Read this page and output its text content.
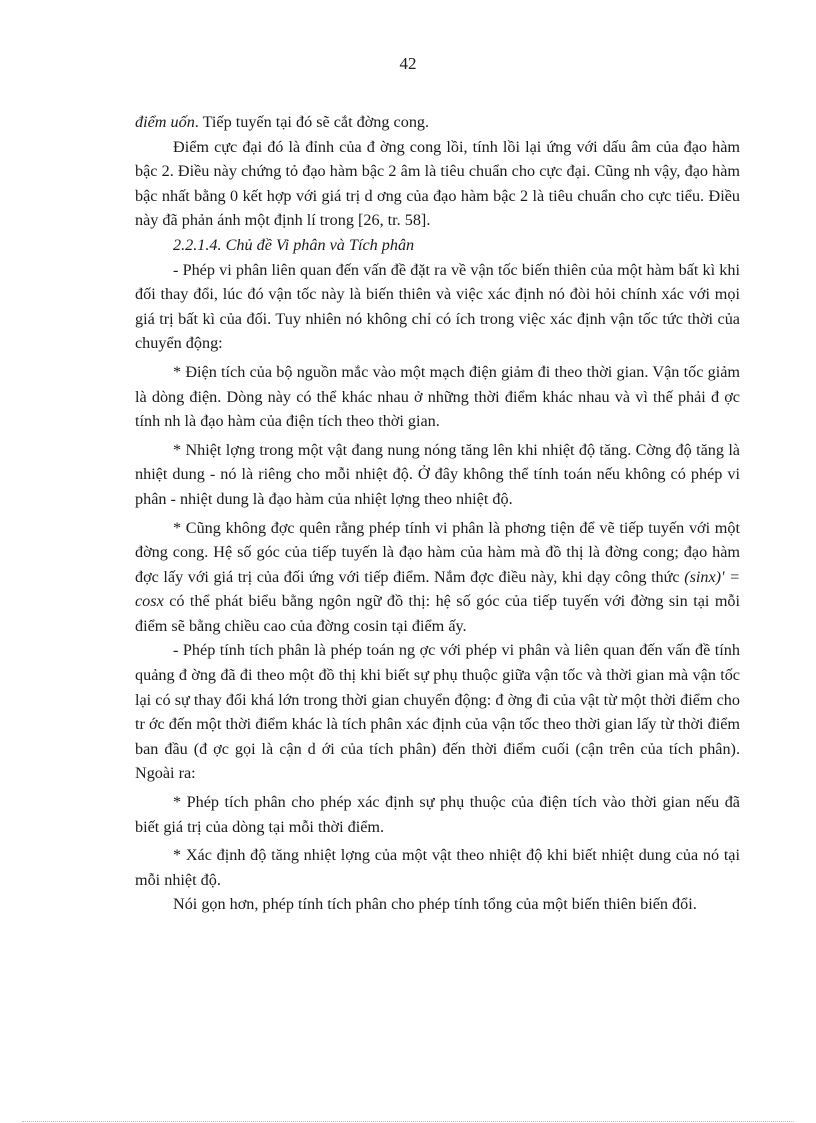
42

điểm uốn. Tiếp tuyến tại đó sẽ cắt đờng cong.

Điểm cực đại đó là đỉnh của đ ờng cong lồi, tính lồi lại ứng với dấu âm của đạo hàm bậc 2. Điều này chứng tỏ đạo hàm bậc 2 âm là tiêu chuẩn cho cực đại. Cũng nh vậy, đạo hàm bậc nhất bằng 0 kết hợp với giá trị d ơng của đạo hàm bậc 2 là tiêu chuẩn cho cực tiểu. Điều này đã phản ánh một định lí trong [26, tr. 58].

2.2.1.4. Chủ đề Vi phân và Tích phân

- Phép vi phân liên quan đến vấn đề đặt ra về vận tốc biến thiên của một hàm bất kì khi đối thay đổi, lúc đó vận tốc này là biến thiên và việc xác định nó đòi hỏi chính xác với mọi giá trị bất kì của đối. Tuy nhiên nó không chỉ có ích trong việc xác định vận tốc tức thời của chuyển động:

* Điện tích của bộ nguồn mắc vào một mạch điện giảm đi theo thời gian. Vận tốc giảm là dòng điện. Dòng này có thể khác nhau ở những thời điểm khác nhau và vì thế phải đ ợc tính nh là đạo hàm của điện tích theo thời gian.

* Nhiệt lợng trong một vật đang nung nóng tăng lên khi nhiệt độ tăng. Cờng độ tăng là nhiệt dung - nó là riêng cho mỗi nhiệt độ. Ở đây không thể tính toán nếu không có phép vi phân - nhiệt dung là đạo hàm của nhiệt lợng theo nhiệt độ.

* Cũng không đợc quên rằng phép tính vi phân là phơng tiện để vẽ tiếp tuyến với một đờng cong. Hệ số góc của tiếp tuyến là đạo hàm của hàm mà đồ thị là đờng cong; đạo hàm đợc lấy với giá trị của đối ứng với tiếp điểm. Nắm đợc điều này, khi dạy công thức (sinx)' = cosx có thể phát biểu bằng ngôn ngữ đồ thị: hệ số góc của tiếp tuyến với đờng sin tại mỗi điểm sẽ bằng chiều cao của đờng cosin tại điểm ấy.

- Phép tính tích phân là phép toán ng ợc với phép vi phân và liên quan đến vấn đề tính quảng đ ờng đã đi theo một đồ thị khi biết sự phụ thuộc giữa vận tốc và thời gian mà vận tốc lại có sự thay đổi khá lớn trong thời gian chuyển động: đ ờng đi của vật từ một thời điểm cho tr ớc đến một thời điểm khác là tích phân xác định của vận tốc theo thời gian lấy từ thời điểm ban đầu (đ ợc gọi là cận d ới của tích phân) đến thời điểm cuối (cận trên của tích phân). Ngoài ra:

* Phép tích phân cho phép xác định sự phụ thuộc của điện tích vào thời gian nếu đã biết giá trị của dòng tại mỗi thời điểm.

* Xác định độ tăng nhiệt lợng của một vật theo nhiệt độ khi biết nhiệt dung của nó tại mỗi nhiệt độ.

Nói gọn hơn, phép tính tích phân cho phép tính tổng của một biến thiên biến đổi.
